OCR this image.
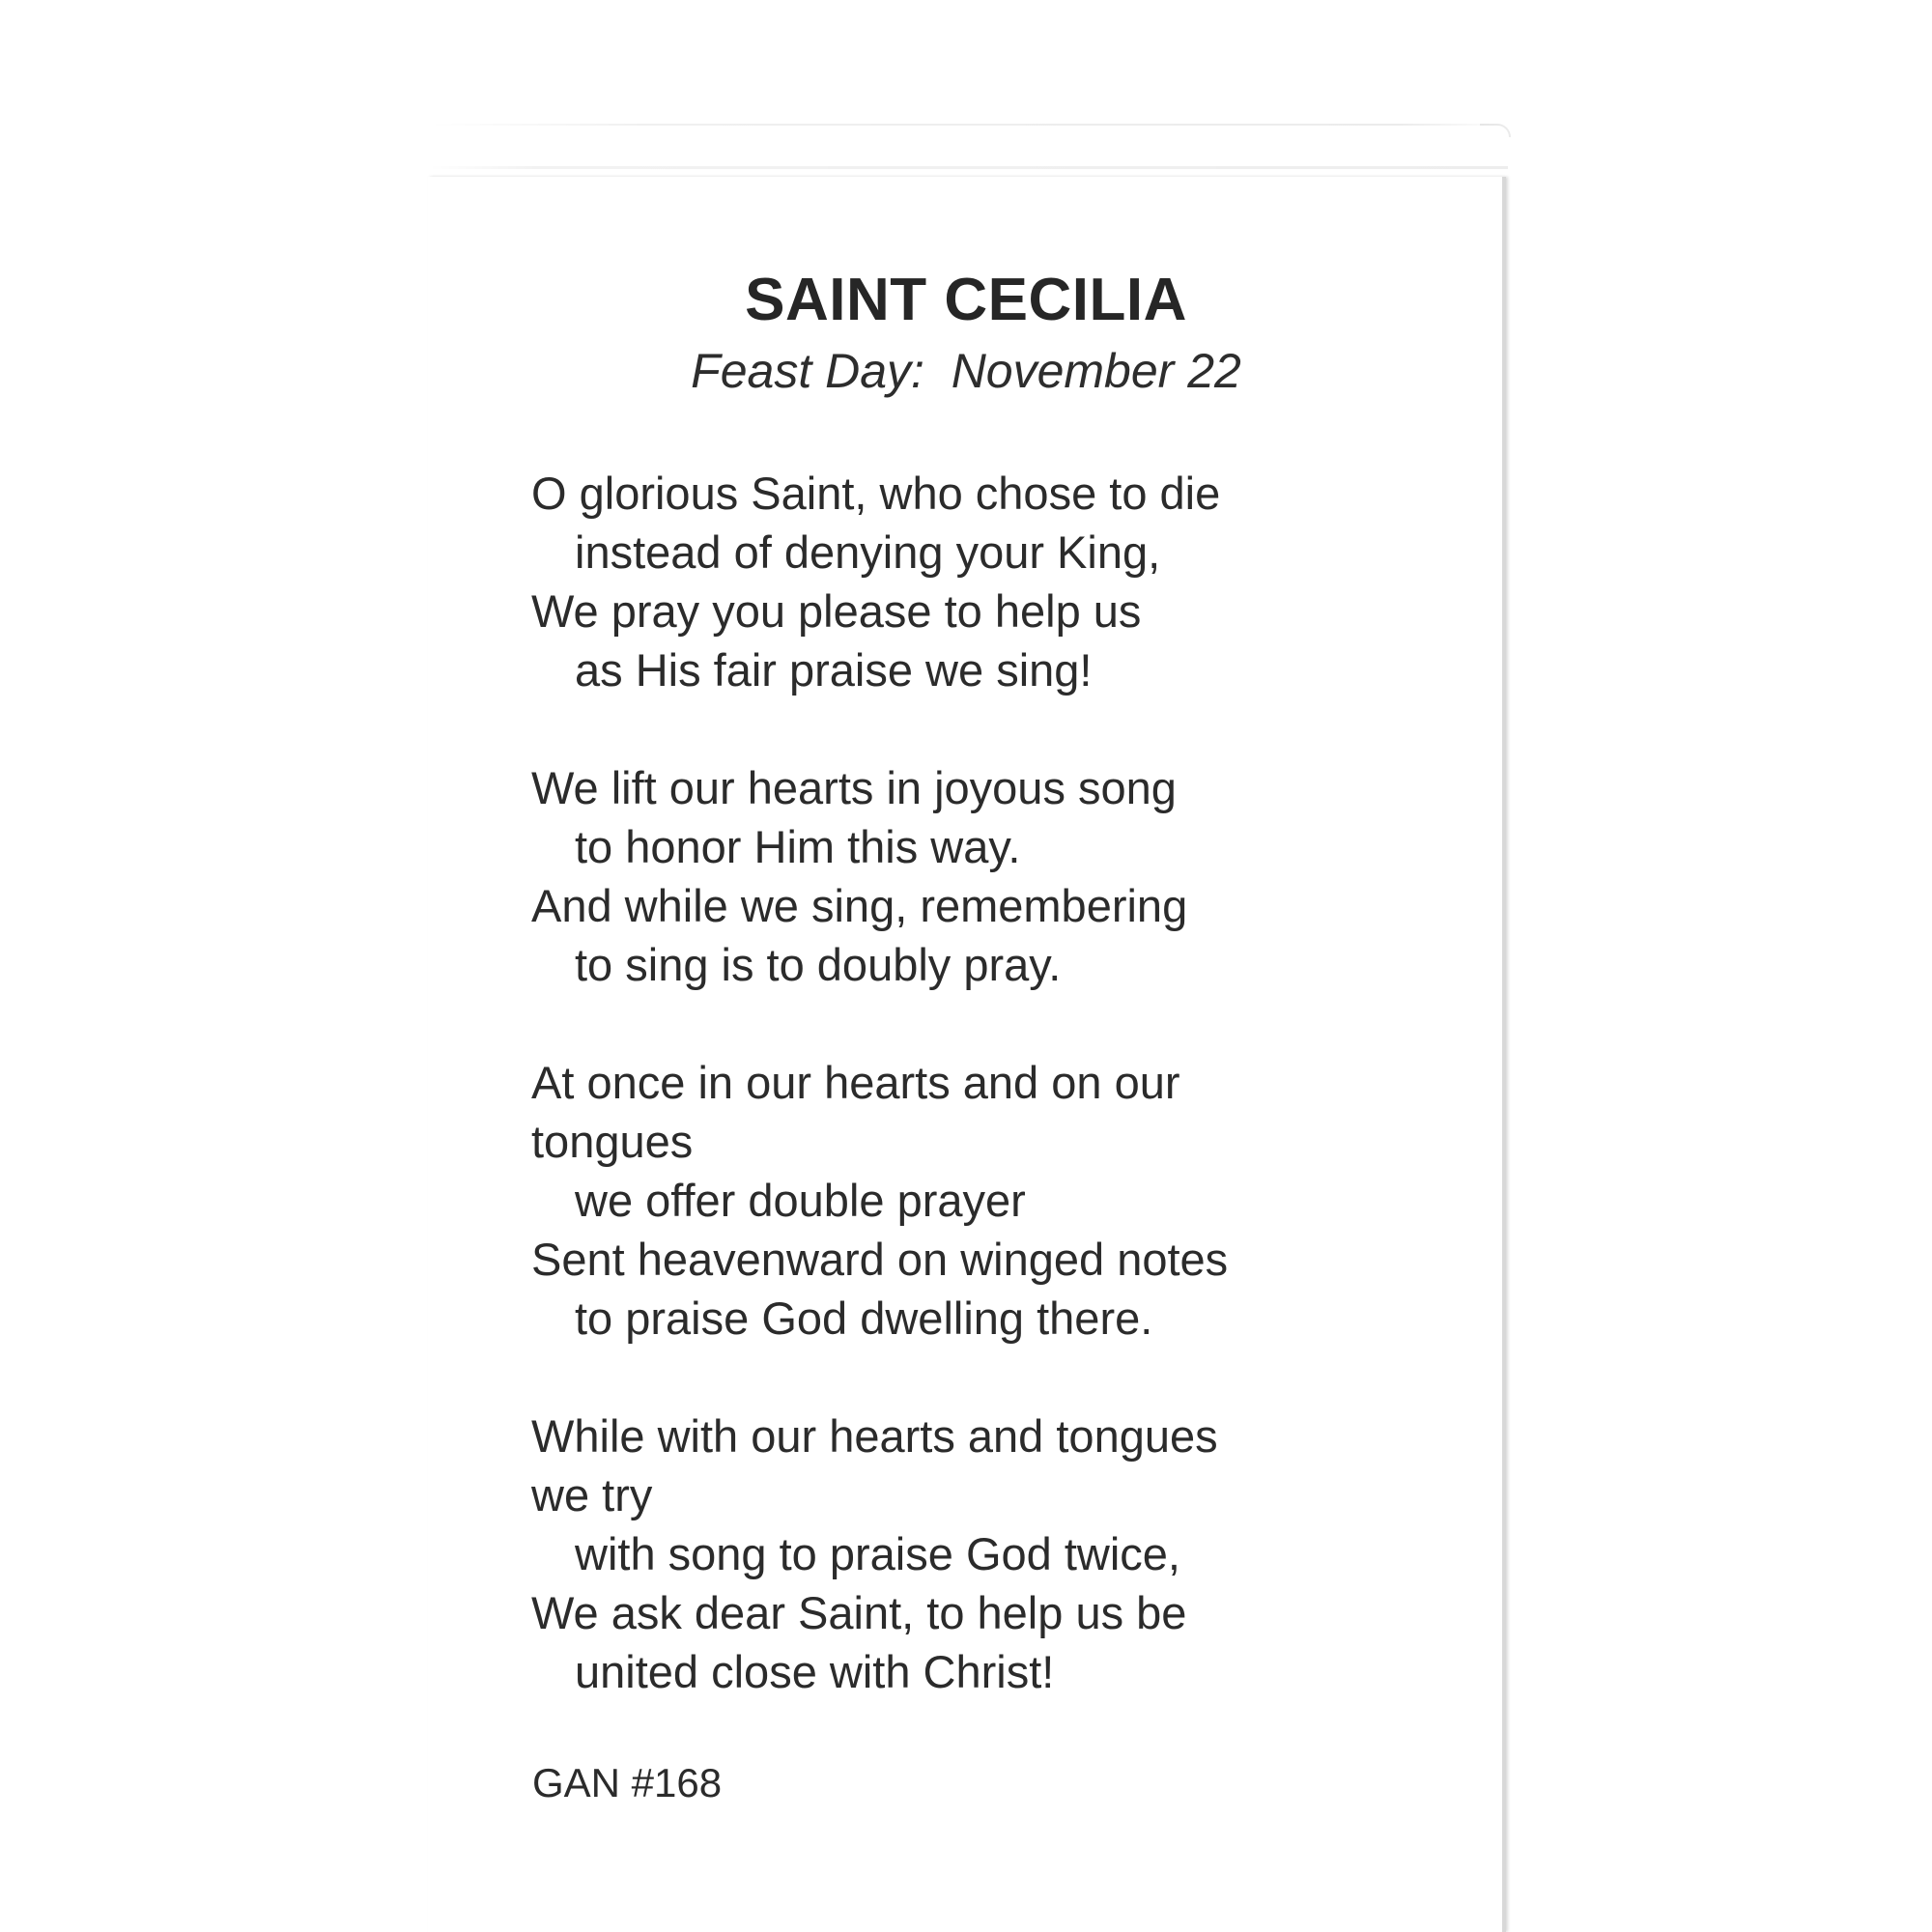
SAINT CECILIA
Feast Day:  November 22
O glorious Saint, who chose to die
instead of denying your King,
We pray you please to help us
as His fair praise we sing!
We lift our hearts in joyous song
to honor Him this way.
And while we sing, remembering
to sing is to doubly pray.
At once in our hearts and on our
tongues
we offer double prayer
Sent heavenward on winged notes
to praise God dwelling there.
While with our hearts and tongues
we try
with song to praise God twice,
We ask dear Saint, to help us be
united close with Christ!
GAN #168
